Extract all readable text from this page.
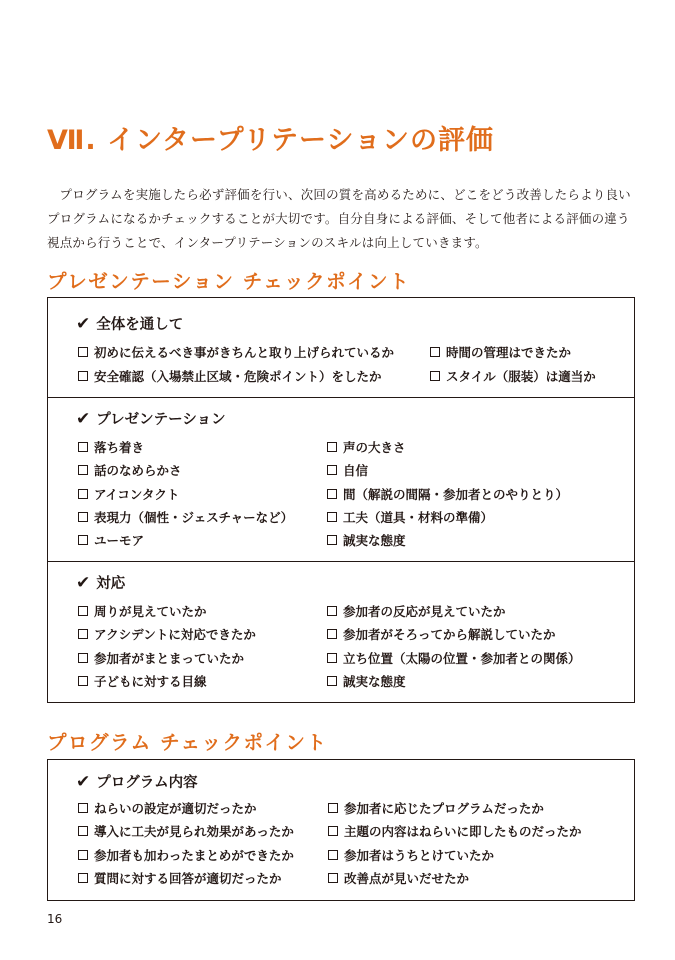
Ⅶ. インタープリテーションの評価

プログラムを実施したら必ず評価を行い、次回の質を高めるために、どこをどう改善したらより良いプログラムになるかチェックすることが大切です。自分自身による評価、そして他者による評価の違う視点から行うことで、インタープリテーションのスキルは向上していきます。

プレゼンテーション チェックポイント
✔ 全体を通して
初めに伝えるべき事がきちんと取り上げられているか
安全確認（入場禁止区域・危険ポイント）をしたか
時間の管理はできたか
スタイル（服装）は適当か
✔ プレゼンテーション
落ち着き
話のなめらかさ
アイコンタクト
表現力（個性・ジェスチャーなど）
ユーモア
声の大きさ
自信
間（解説の間隔・参加者とのやりとり）
工夫（道具・材料の準備）
誠実な態度
✔ 対応
周りが見えていたか
アクシデントに対応できたか
参加者がまとまっていたか
子どもに対する目線
参加者の反応が見えていたか
参加者がそろってから解説していたか
立ち位置（太陽の位置・参加者との関係）
誠実な態度
プログラム チェックポイント
✔ プログラム内容
ねらいの設定が適切だったか
導入に工夫が見られ効果があったか
参加者も加わったまとめができたか
質問に対する回答が適切だったか
参加者に応じたプログラムだったか
主題の内容はねらいに即したものだったか
参加者はうちとけていたか
改善点が見いだせたか
16
